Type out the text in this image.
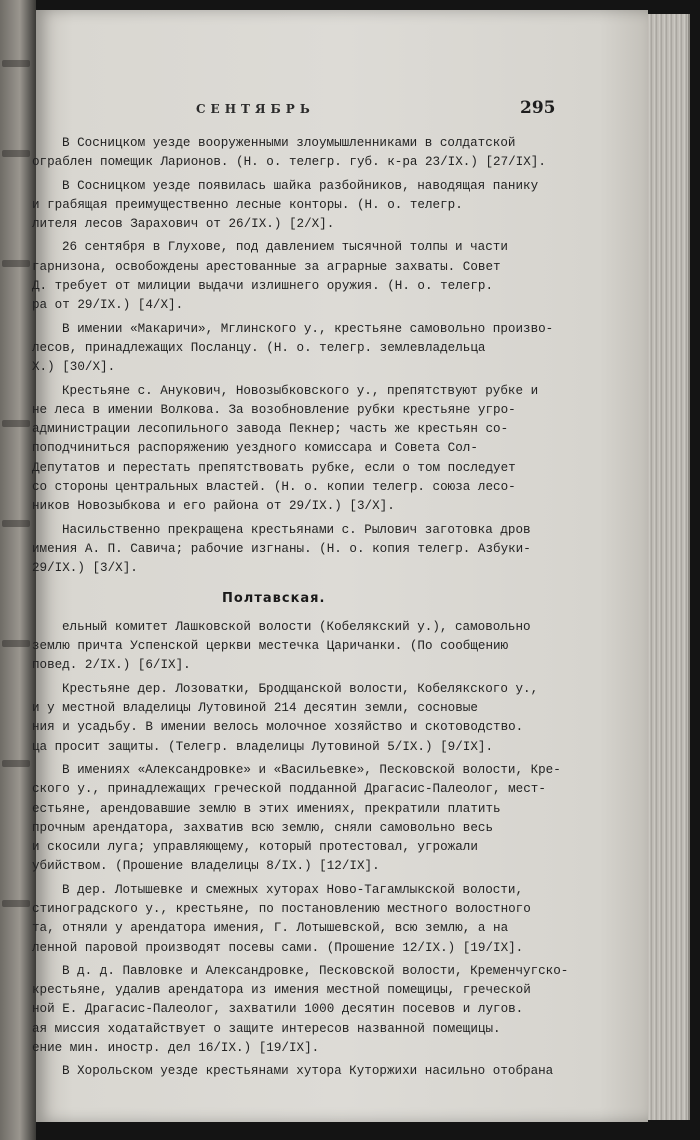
СЕНТЯБРЬ	295
В Сосницком уезде вооруженными злоумышленниками в солдатской
ограблен помещик Ларионов. (Н. о. телегр. губ. к-ра 23/IX.) [27/IX].
В Сосницком уезде появилась шайка разбойников, наводящая панику
и грабящая преимущественно лесные конторы. (Н. о. телегр.
лителя лесов Зарахович от 26/IX.) [2/X].
26 сентября в Глухове, под давлением тысячной толпы и части
гарнизона, освобождены арестованные за аграрные захваты. Совет
Д. требует от милиции выдачи излишнего оружия. (Н. о. телегр.
ра от 29/IX.) [4/X].
В имении «Макаричи», Мглинского у., крестьяне самовольно произво-
лесов, принадлежащих Посланцу. (Н. о. телегр. землевладельца
X.) [30/X].
Крестьяне с. Анукович, Новозыбковского у., препятствуют рубке и
не леса в имении Волкова. За возобновление рубки крестьяне угро-
администрации лесопильного завода Пекнер; часть же крестьян со-
поподчиниться распоряжению уездного комиссара и Совета Сол-
Депутатов и перестать препятствовать рубке, если о том последует
со стороны центральных властей. (Н. о. копии телегр. союза лесо-
ников Новозыбкова и его района от 29/IX.) [3/X].
Насильственно прекращена крестьянами с. Рылович заготовка дров
имения А. П. Савича; рабочие изгнаны. (Н. о. копия телегр. Азбуки-
29/IX.) [3/X].
Полтавская.
ельный комитет Лашковской волости (Кобелякский у.), самовольно
землю причта Успенской церкви местечка Царичанки. (По сообщению
повед. 2/IX.) [6/IX].
Крестьяне дер. Лозоватки, Бродщанской волости, Кобелякского у.,
и у местной владелицы Лутовиной 214 десятин земли, сосновые
ния и усадьбу. В имении велось молочное хозяйство и скотоводство.
ца просит защиты. (Телегр. владелицы Лутовиной 5/IX.) [9/IX].
В имениях «Александровке» и «Васильевке», Песковской волости, Кре-
ского у., принадлежащих греческой подданной Драгасис-Палеолог, мест-
естьяне, арендовавшие землю в этих имениях, прекратили платить
прочным арендатора, захватив всю землю, сняли самовольно весь
и скосили луга; управляющему, который протестовал, угрожали
убийством. (Прошение владелицы 8/IX.) [12/IX].
В дер. Лотышевке и смежных хуторах Ново-Тагамлыкской волости,
стиноградского у., крестьяне, по постановлению местного волостного
та, отняли у арендатора имения, Г. Лотышевской, всю землю, а на
ленной паровой производят посевы сами. (Прошение 12/IX.) [19/IX].
В д. д. Павловке и Александровке, Песковской волости, Кременчугско-
крестьяне, удалив арендатора из имения местной помещицы, греческой
ной Е. Драгасис-Палеолог, захватили 1000 десятин посевов и лугов.
ая миссия ходатайствует о защите интересов названной помещицы.
ение мин. иностр. дел 16/IX.) [19/IX].
В Хорольском уезде крестьянами хутора Куторжихи насильно отобрана
